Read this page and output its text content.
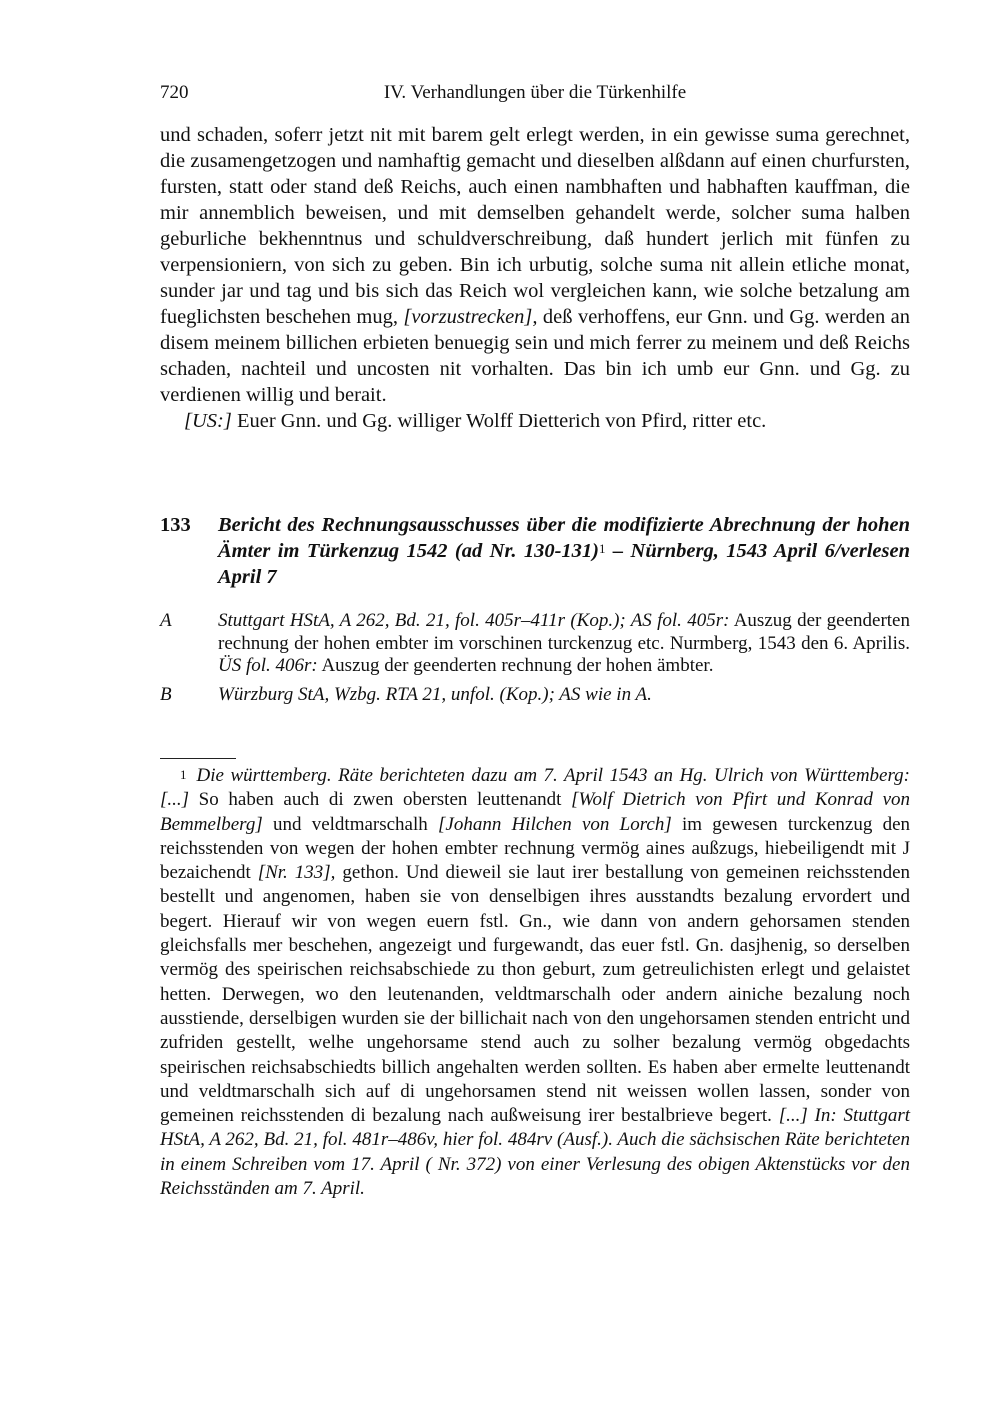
720	IV. Verhandlungen über die Türkenhilfe

und schaden, soferr jetzt nit mit barem gelt erlegt werden, in ein gewisse suma gerechnet, die zusamengetzogen und namhaftig gemacht und dieselben alßdann auf einen churfursten, fursten, statt oder stand deß Reichs, auch einen nambhaften und habhaften kauffman, die mir annemblich beweisen, und mit demselben gehandelt werde, solcher suma halben geburliche bekhenntnus und schuldverschreibung, daß hundert jerlich mit fünfen zu verpensioniern, von sich zu geben. Bin ich urbutig, solche suma nit allein etliche monat, sunder jar und tag und bis sich das Reich wol vergleichen kann, wie solche betzalung am fueglichsten beschehen mug, [vorzustrecken], deß verhoffens, eur Gnn. und Gg. werden an disem meinem billichen erbieten benuegig sein und mich ferrer zu meinem und deß Reichs schaden, nachteil und uncosten nit vorhalten. Das bin ich umb eur Gnn. und Gg. zu verdienen willig und berait.

[US:] Euer Gnn. und Gg. williger Wolff Dietterich von Pfird, ritter etc.

133 Bericht des Rechnungsausschusses über die modifizierte Abrechnung der hohen Ämter im Türkenzug 1542 (ad Nr. 130-131)$^1$ – Nürnberg, 1543 April 6/verlesen April 7
A Stuttgart HStA, A 262, Bd. 21, fol. 405r–411r (Kop.); AS fol. 405r: Auszug der geenderten rechnung der hohen embter im vorschinen turckenzug etc. Nurmberg, 1543 den 6. Aprilis. ÜS fol. 406r: Auszug der geenderten rechnung der hohen ämbter.
B Würzburg StA, Wzbg. RTA 21, unfol. (Kop.); AS wie in A.
1 Die württemberg. Räte berichteten dazu am 7. April 1543 an Hg. Ulrich von Württemberg: [...] So haben auch di zwen obersten leuttenandt [Wolf Dietrich von Pfirt und Konrad von Bemmelberg] und veldtmarschalh [Johann Hilchen von Lorch] im gewesen turckenzug den reichsstenden von wegen der hohen embter rechnung vermög aines außzugs, hiebeiligendt mit J bezaichendt [Nr. 133], gethon. Und dieweil sie laut irer bestallung von gemeinen reichsstenden bestellt und angenomen, haben sie von denselbigen ihres ausstandts bezalung ervordert und begert. Hierauf wir von wegen euern fstl. Gn., wie dann von andern gehorsamen stenden gleichsfalls mer beschehen, angezeigt und furgewandt, das euer fstl. Gn. dasjhenig, so derselben vermög des speirischen reichsabschiede zu thon geburt, zum getreulichisten erlegt und gelaistet hetten. Derwegen, wo den leutenanden, veldtmarschalh oder andern ainiche bezalung noch ausstiende, derselbigen wurden sie der billichait nach von den ungehorsamen stenden entricht und zufriden gestellt, welhe ungehorsame stend auch zu solher bezalung vermög obgedachts speirischen reichsabschiedts billich angehalten werden sollten. Es haben aber ermelte leuttenandt und veldtmarschalh sich auf di ungehorsamen stend nit weissen wollen lassen, sonder von gemeinen reichsstenden di bezalung nach außweisung irer bestalbrieve begert. [...] In: Stuttgart HStA, A 262, Bd. 21, fol. 481r–486v, hier fol. 484rv (Ausf.). Auch die sächsischen Räte berichteten in einem Schreiben vom 17. April ( Nr. 372) von einer Verlesung des obigen Aktenstücks vor den Reichsständen am 7. April.
